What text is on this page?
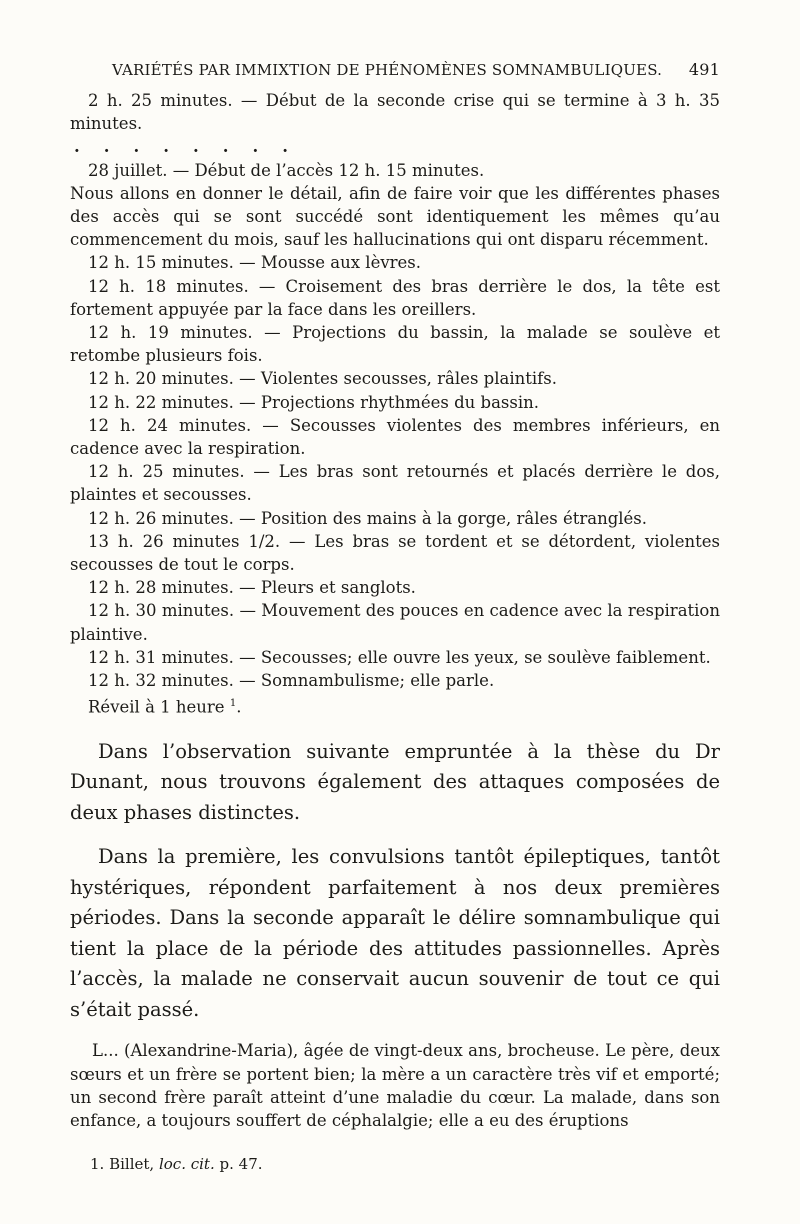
VARIÉTÉS PAR IMMIXTION DE PHÉNOMÈNES SOMNAMBULIQUES. 491

2 h. 25 minutes. — Début de la seconde crise qui se termine à 3 h. 35 minutes.

........

28 juillet. — Début de l’accès 12 h. 15 minutes.

Nous allons en donner le détail, afin de faire voir que les différentes phases des accès qui se sont succédé sont identiquement les mêmes qu’au commencement du mois, sauf les hallucinations qui ont disparu récemment.

12 h. 15 minutes. — Mousse aux lèvres.

12 h. 18 minutes. — Croisement des bras derrière le dos, la tête est fortement appuyée par la face dans les oreillers.

12 h. 19 minutes. — Projections du bassin, la malade se soulève et retombe plusieurs fois.

12 h. 20 minutes. — Violentes secousses, râles plaintifs.

12 h. 22 minutes. — Projections rhythmées du bassin.

12 h. 24 minutes. — Secousses violentes des membres inférieurs, en cadence avec la respiration.

12 h. 25 minutes. — Les bras sont retournés et placés derrière le dos, plaintes et secousses.

12 h. 26 minutes. — Position des mains à la gorge, râles étranglés.

13 h. 26 minutes 1/2. — Les bras se tordent et se détordent, violentes secousses de tout le corps.

12 h. 28 minutes. — Pleurs et sanglots.

12 h. 30 minutes. — Mouvement des pouces en cadence avec la respiration plaintive.

12 h. 31 minutes. — Secousses; elle ouvre les yeux, se soulève faiblement.

12 h. 32 minutes. — Somnambulisme; elle parle.

Réveil à 1 heure $^1$.

Dans l’observation suivante empruntée à la thèse du Dr Dunant, nous trouvons également des attaques composées de deux phases distinctes.

Dans la première, les convulsions tantôt épileptiques, tantôt hystériques, répondent parfaitement à nos deux premières périodes. Dans la seconde apparaît le délire somnambulique qui tient la place de la période des attitudes passionnelles. Après l’accès, la malade ne conservait aucun souvenir de tout ce qui s’était passé.

L... (Alexandrine-Maria), âgée de vingt-deux ans, brocheuse. Le père, deux sœurs et un frère se portent bien; la mère a un caractère très vif et emporté; un second frère paraît atteint d’une maladie du cœur. La malade, dans son enfance, a toujours souffert de céphalalgie; elle a eu des éruptions

1. Billet, loc. cit. p. 47.
